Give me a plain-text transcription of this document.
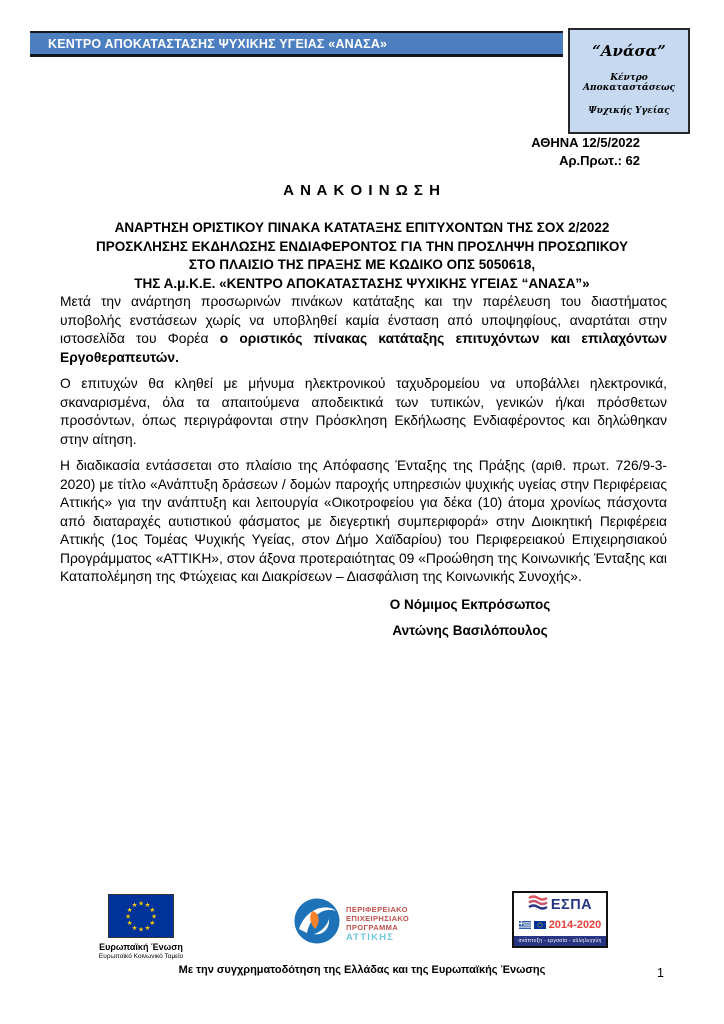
ΚΕΝΤΡΟ ΑΠΟΚΑΤΑΣΤΑΣΗΣ ΨΥΧΙΚΗΣ ΥΓΕΙΑΣ «ΑΝΑΣΑ»	“Ανάσα”
Κέντρο Αποκαταστάσεως
Ψυχικής Υγείας
ΑΘΗΝΑ 12/5/2022
Αρ.Πρωτ.: 62
Α Ν Α Κ Ο Ι Ν Ω Σ Η
ΑΝΑΡΤΗΣΗ ΟΡΙΣΤΙΚΟΥ ΠΙΝΑΚΑ ΚΑΤΑΤΑΞΗΣ ΕΠΙΤΥΧΟΝΤΩΝ ΤΗΣ ΣΟΧ 2/2022
ΠΡΟΣΚΛΗΣΗΣ ΕΚΔΗΛΩΣΗΣ ΕΝΔΙΑΦΕΡΟΝΤΟΣ ΓΙΑ ΤΗΝ ΠΡΟΣΛΗΨΗ ΠΡΟΣΩΠΙΚΟΥ
ΣΤΟ ΠΛΑΙΣΙΟ ΤΗΣ ΠΡΑΞΗΣ ΜΕ ΚΩΔΙΚΟ ΟΠΣ 5050618,
ΤΗΣ Α.μ.Κ.Ε. «ΚΕΝΤΡΟ ΑΠΟΚΑΤΑΣΤΑΣΗΣ ΨΥΧΙΚΗΣ ΥΓΕΙΑΣ “ΑΝΑΣΑ”»

Μετά την ανάρτηση προσωρινών πινάκων κατάταξης και την παρέλευση του διαστήματος υποβολής ενστάσεων χωρίς να υποβληθεί καμία ένσταση από υποψηφίους, αναρτάται στην ιστοσελίδα του Φορέα ο οριστικός πίνακας κατάταξης επιτυχόντων και επιλαχόντων Εργοθεραπευτών.

Ο επιτυχών θα κληθεί με μήνυμα ηλεκτρονικού ταχυδρομείου να υποβάλλει ηλεκτρονικά, σκαναρισμένα, όλα τα απαιτούμενα αποδεικτικά των τυπικών, γενικών ή/και πρόσθετων προσόντων, όπως περιγράφονται στην Πρόσκληση Εκδήλωσης Ενδιαφέροντος και δηλώθηκαν στην αίτηση.

Η διαδικασία εντάσσεται στο πλαίσιο της Απόφασης Ένταξης της Πράξης (αριθ. πρωτ. 726/9-3-2020) με τίτλο «Ανάπτυξη δράσεων / δομών παροχής υπηρεσιών ψυχικής υγείας στην Περιφέρειας Αττικής» για την ανάπτυξη και λειτουργία «Οικοτροφείου για δέκα (10) άτομα χρονίως πάσχοντα από διαταραχές αυτιστικού φάσματος με διεγερτική συμπεριφορά» στην Διοικητική Περιφέρεια Αττικής (1ος Τομέας Ψυχικής Υγείας, στον Δήμο Χαϊδαρίου) του Περιφερειακού Επιχειρησιακού Προγράμματος «ΑΤΤΙΚΗ», στον άξονα προτεραιότητας 09 «Προώθηση της Κοινωνικής Ένταξης και Καταπολέμηση της Φτώχειας και Διακρίσεων – Διασφάλιση της Κοινωνικής Συνοχής».

Ο Νόμιμος Εκπρόσωπος
Αντώνης Βασιλόπουλος
★ ★
★
★
★
★
★
★
★
★
★
★
Ευρωπαϊκή Ένωση
Ευρωπαϊκό Κοινωνικό Ταμείο
ΠΕΡΙΦΕΡΕΙΑΚΟ
ΕΠΙΧΕΙΡΗΣΙΑΚΟ
ΠΡΟΓΡΑΜΜΑ
ΑΤΤΙΚΗΣ
ΕΣΠΑ
2014-2020
ανάπτυξη - εργασία - αλληλεγγύη
Με την συγχρηματοδότηση της Ελλάδας και της Ευρωπαϊκής Ένωσης	1
